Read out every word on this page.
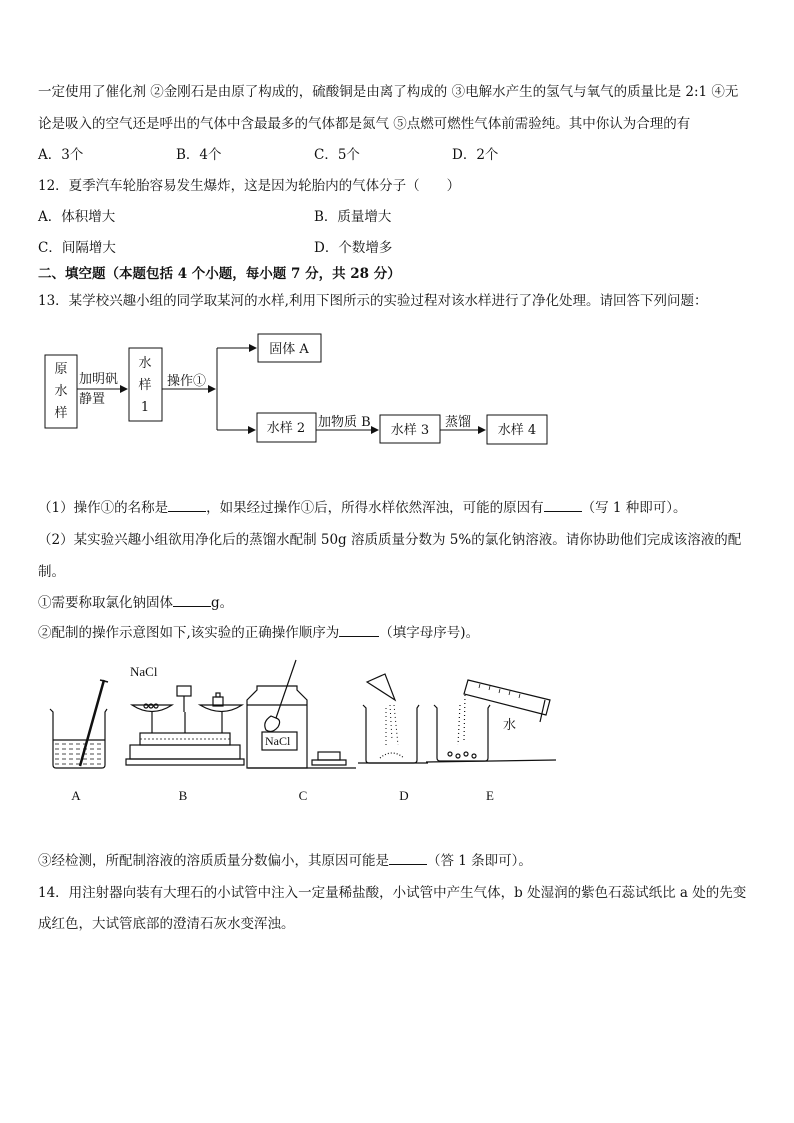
一定使用了催化剂 ②金刚石是由原了构成的，硫酸铜是由离了构成的 ③电解水产生的氢气与氧气的质量比是 2:1 ④无
论是吸入的空气还是呼出的气体中含最最多的气体都是氮气 ⑤点燃可燃性气体前需验纯。其中你认为合理的有
A．3个	B．4个	C．5个	D．2个
12．夏季汽车轮胎容易发生爆炸，这是因为轮胎内的气体分子（　　）
A．体积增大	B．质量增大
C．间隔增大	D．个数增多
二、填空题（本题包括 4 个小题，每小题 7 分，共 28 分）
13．某学校兴趣小组的同学取某河的水样,利用下图所示的实验过程对该水样进行了净化处理。请回答下列问题：
原
水
样
加明矾
静置
水
样
1
操作①
固体 A
水样 2 加物质 B
水样 3
蒸馏
水样 4
（1）操作①的名称是	，如果经过操作①后，所得水样依然浑浊，可能的原因有	（写 1 种即可）。
（2）某实验兴趣小组欲用净化后的蒸馏水配制 50g 溶质质量分数为 5%的氯化钠溶液。请你协助他们完成该溶液的配
制。
①需要称取氯化钠固体	g。
②配制的操作示意图如下,该实验的正确操作顺序为	（填字母序号)。
NaCl
NaCl
水
A	B	C	D	E
③经检测，所配制溶液的溶质质量分数偏小，其原因可能是	（答 1 条即可）。
14．用注射器向装有大理石的小试管中注入一定量稀盐酸，小试管中产生气体，b 处湿润的紫色石蕊试纸比 a 处的先变
成红色，大试管底部的澄清石灰水变浑浊。
